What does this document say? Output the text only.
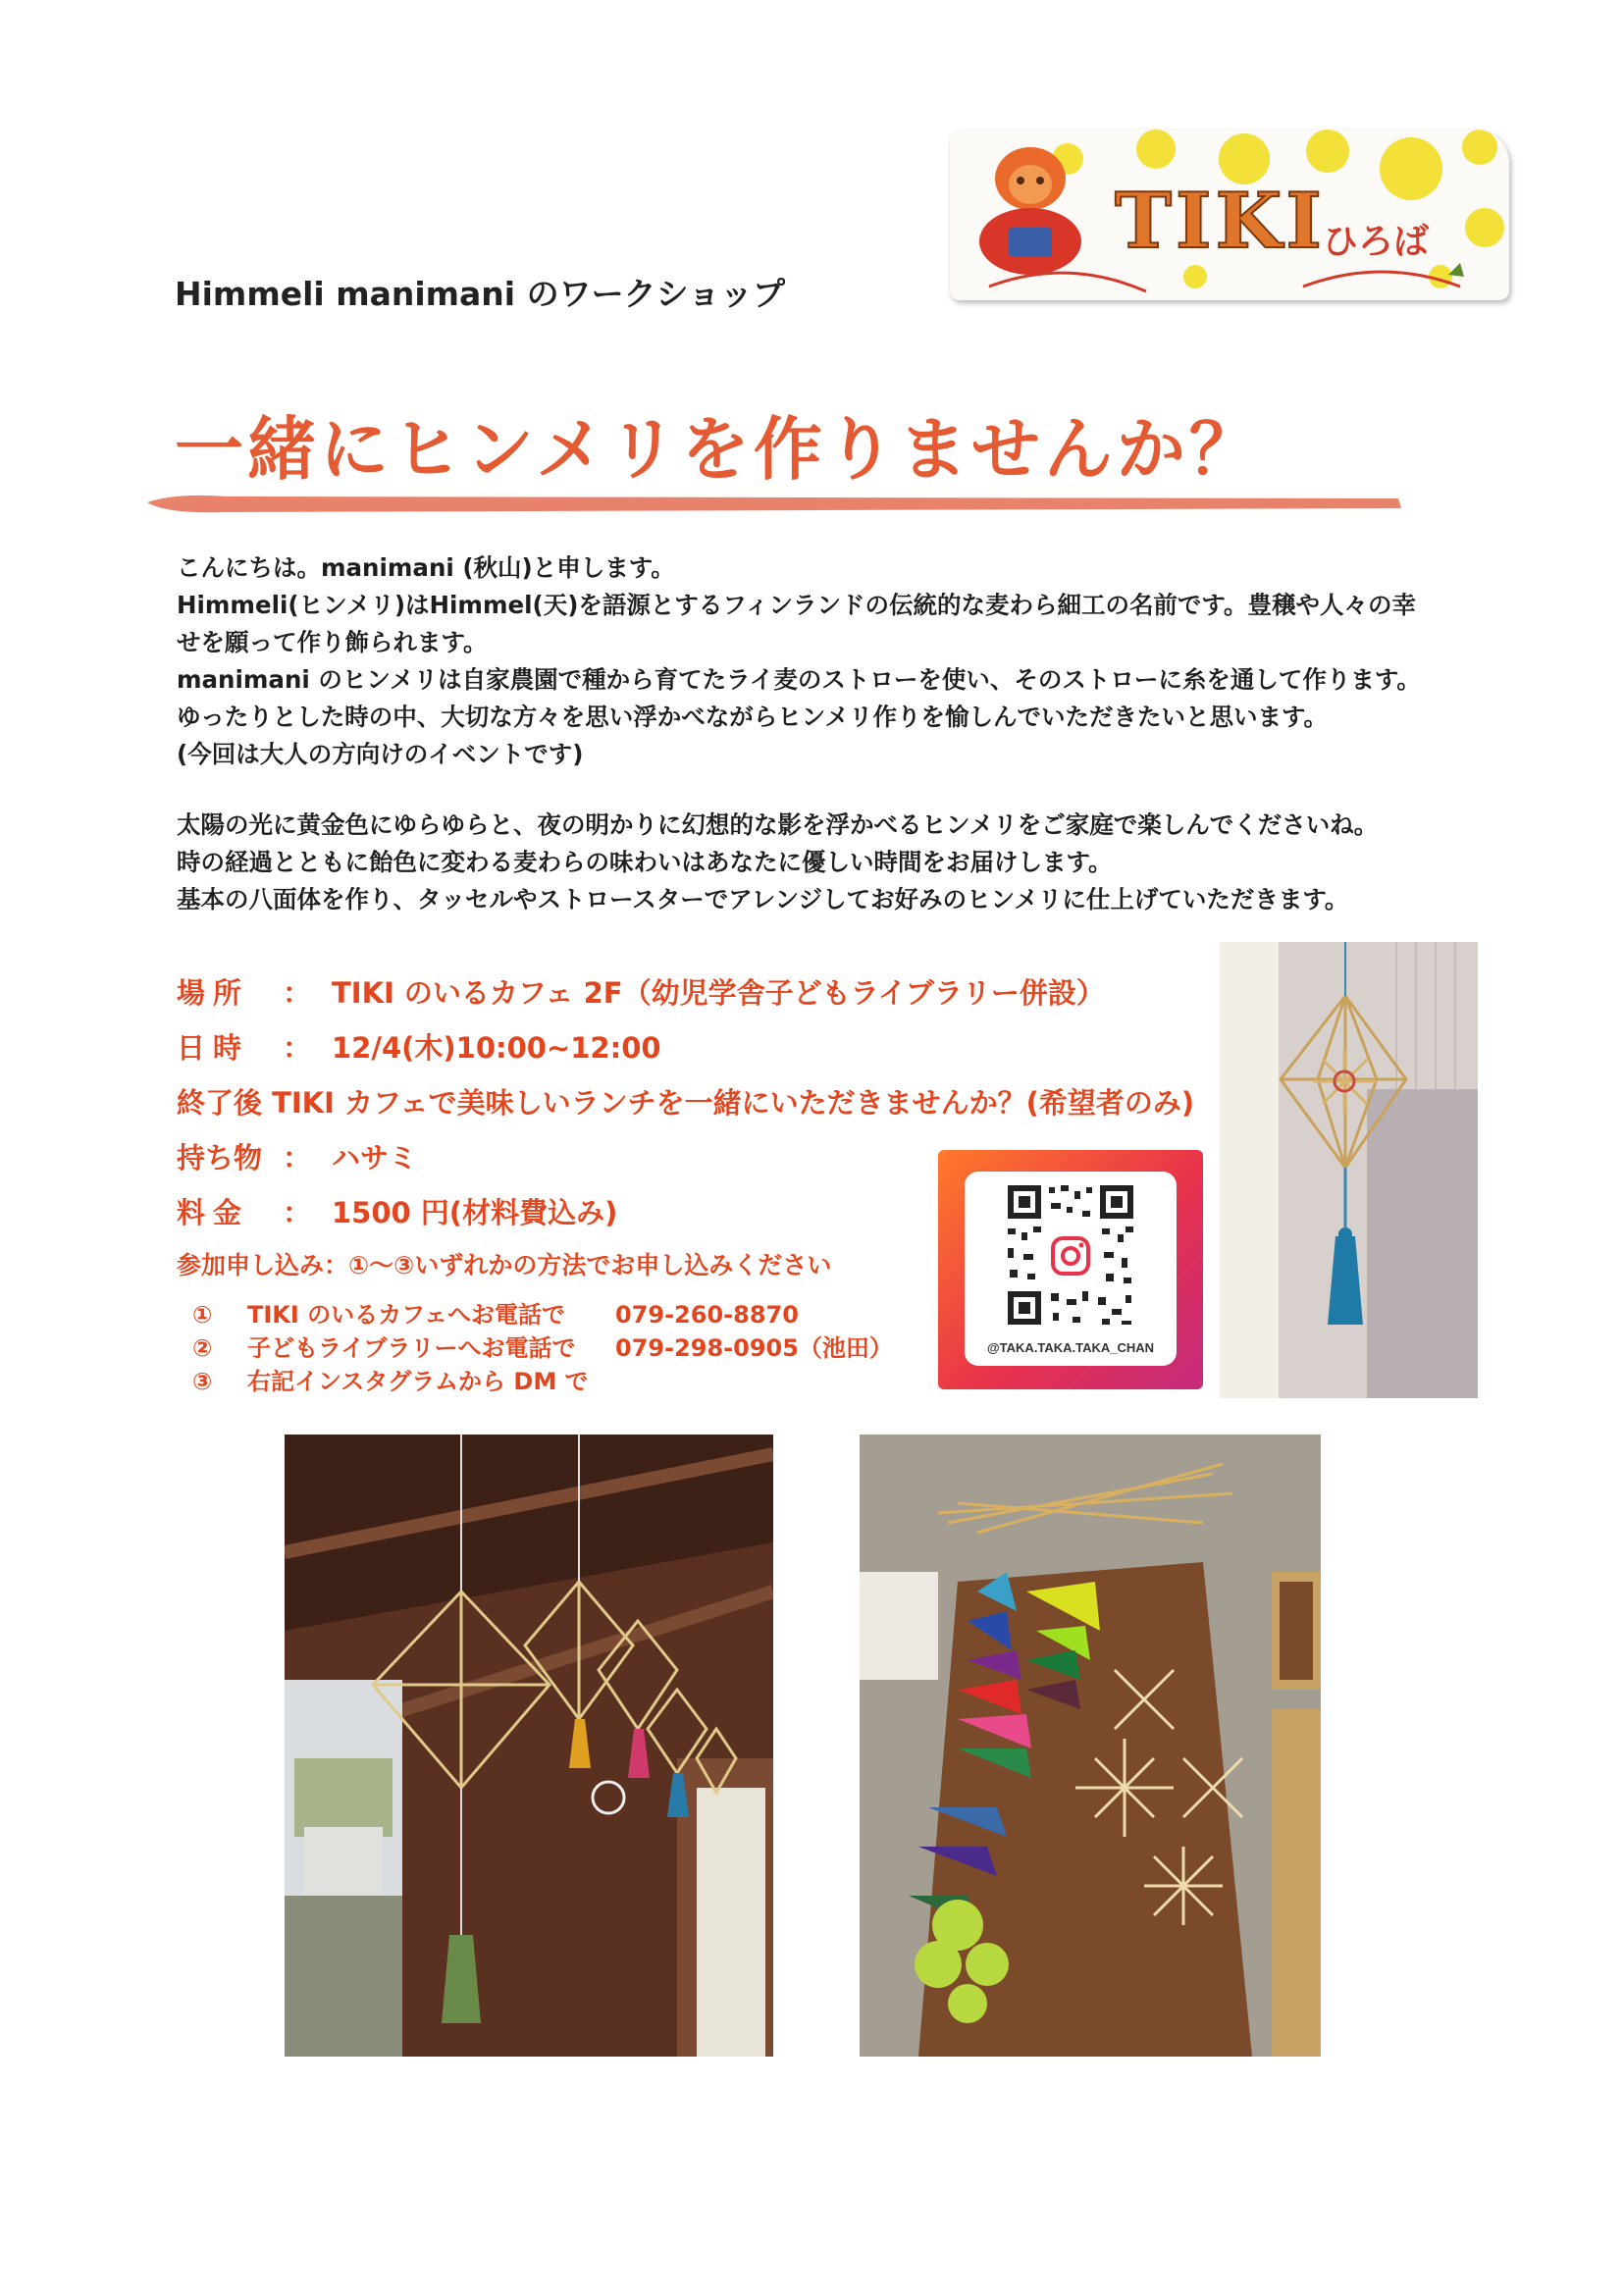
TIKI
ひろば
Himmeli manimani のワークショップ
一緒にヒンメリを作りませんか？
こんにちは。manimani (秋山)と申します。
Himmeli(ヒンメリ)はHimmel(天)を語源とするフィンランドの伝統的な麦わら細工の名前です。豊穣や人々の幸
せを願って作り飾られます。
manimani のヒンメリは自家農園で種から育てたライ麦のストローを使い、そのストローに糸を通して作ります。
ゆったりとした時の中、大切な方々を思い浮かべながらヒンメリ作りを愉しんでいただきたいと思います。
(今回は大人の方向けのイベントです)
太陽の光に黄金色にゆらゆらと、夜の明かりに幻想的な影を浮かべるヒンメリをご家庭で楽しんでくださいね。
時の経過とともに飴色に変わる麦わらの味わいはあなたに優しい時間をお届けします。
基本の八面体を作り、タッセルやストロースターでアレンジしてお好みのヒンメリに仕上げていただきます。
場所 ： TIKI のいるカフェ 2F（幼児学舎子どもライブラリー併設）
日時 ： 12/4(木)10:00~12:00
終了後 TIKI カフェで美味しいランチを一緒にいただきませんか？(希望者のみ)
持ち物 ： ハサミ
料金 ： 1500 円(材料費込み)
参加申し込み：①～③いずれかの方法でお申し込みください
① TIKI のいるカフェへお電話で 079-260-8870
② 子どもライブラリーへお電話で 079-298-0905（池田）
③ 右記インスタグラムから DM で
@TAKA.TAKA.TAKA_CHAN
